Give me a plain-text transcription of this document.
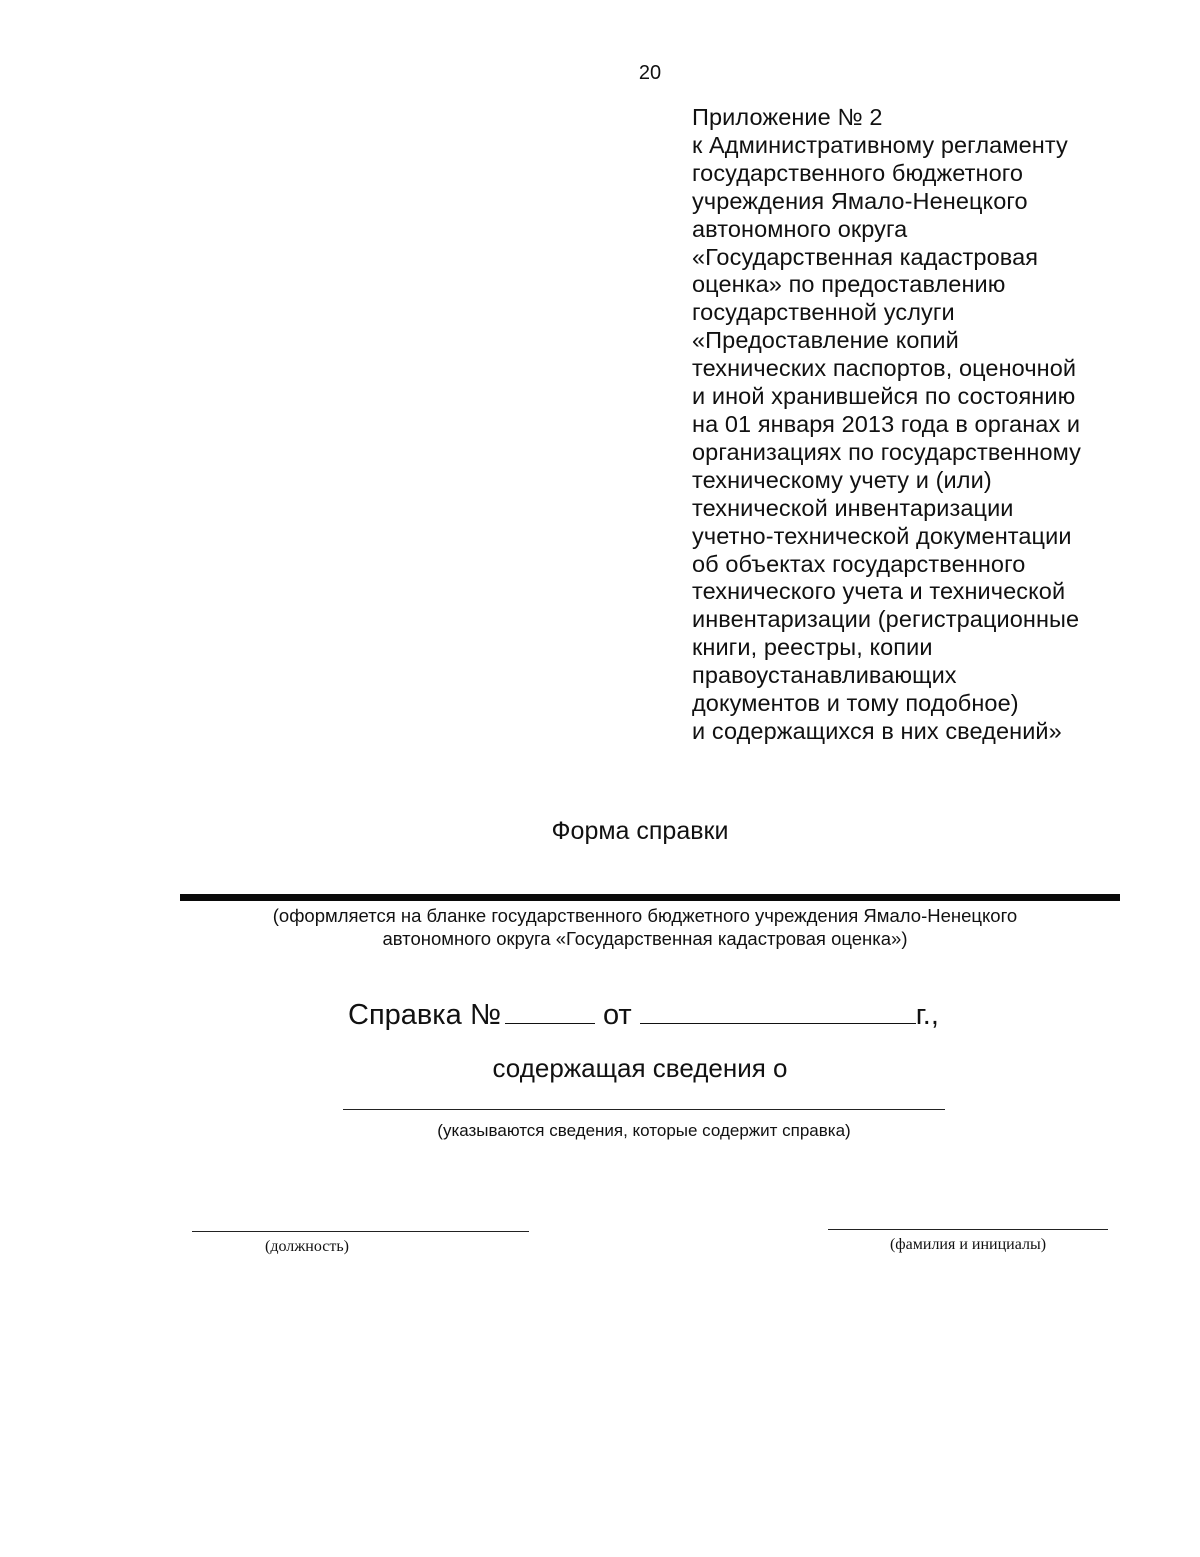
20
Приложение № 2
к Административному регламенту
государственного бюджетного
учреждения Ямало-Ненецкого
автономного округа
«Государственная кадастровая
оценка» по предоставлению
государственной услуги
«Предоставление копий
технических паспортов, оценочной
и иной хранившейся по состоянию
на 01 января 2013 года в органах и
организациях по государственному
техническому учету и (или)
технической инвентаризации
учетно-технической документации
об объектах государственного
технического учета и технической
инвентаризации (регистрационные
книги, реестры, копии
правоустанавливающих
документов и тому подобное)
и содержащихся в них сведений»
Форма справки
(оформляется на бланке государственного бюджетного учреждения Ямало-Ненецкого
автономного округа «Государственная кадастровая оценка»)
Справка №	от	г.,
содержащая сведения о
(указываются сведения, которые содержит справка)
(должность)	(фамилия и инициалы)
